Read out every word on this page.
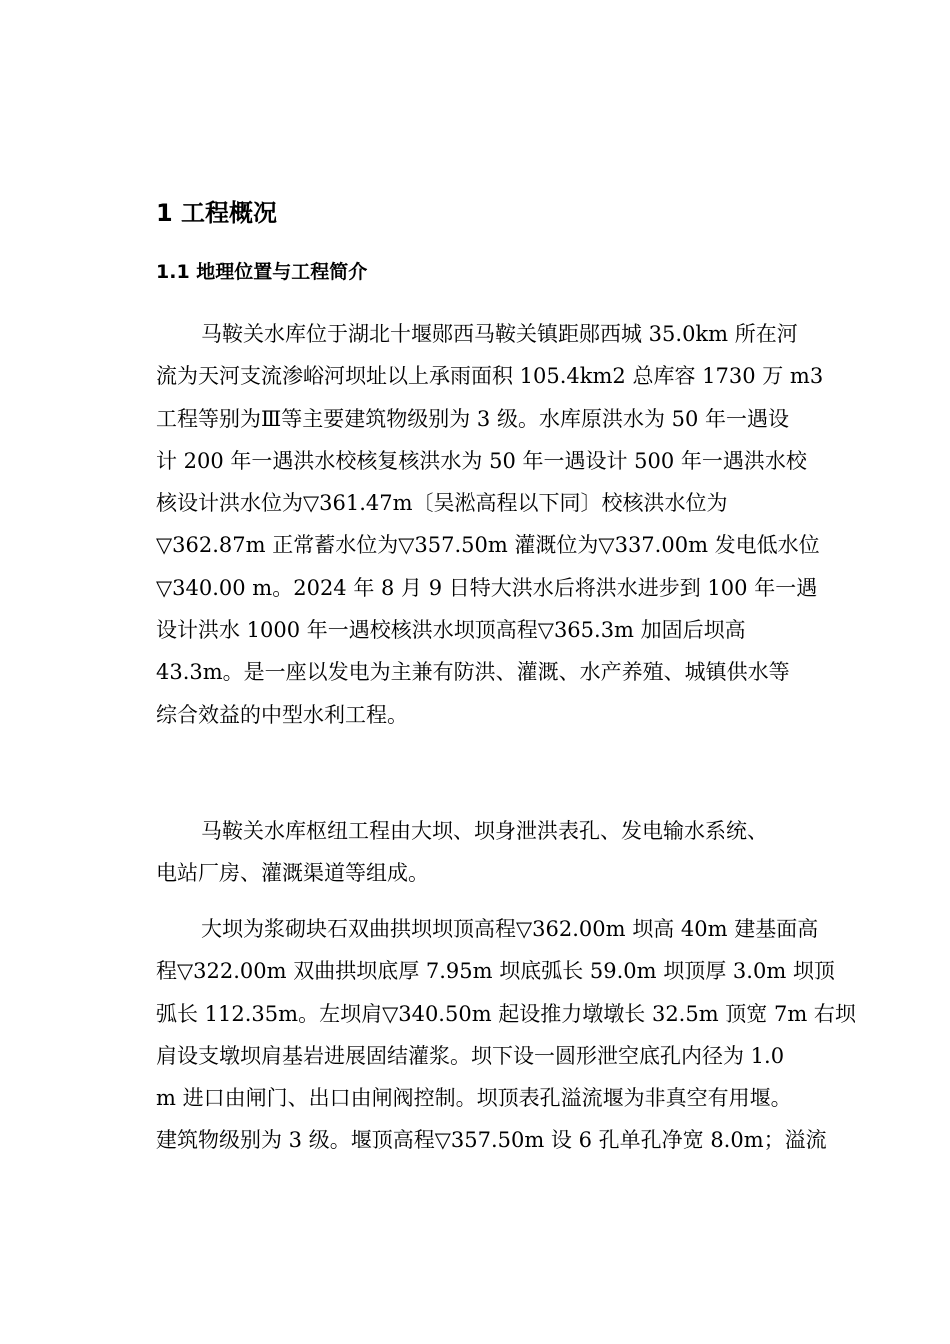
1 工程概况
1.1 地理位置与工程简介
马鞍关水库位于湖北十堰郧西马鞍关镇距郧西城 35.0km 所在河
流为天河支流渗峪河坝址以上承雨面积 105.4km2 总库容 1730 万 m3
工程等别为Ⅲ等主要建筑物级别为 3 级。水库原洪水为 50 年一遇设
计 200 年一遇洪水校核复核洪水为 50 年一遇设计 500 年一遇洪水校
核设计洪水位为▽361.47m〔吴淞高程以下同〕校核洪水位为
▽362.87m 正常蓄水位为▽357.50m 灌溉位为▽337.00m 发电低水位
▽340.00 m。2024 年 8 月 9 日特大洪水后将洪水进步到 100 年一遇
设计洪水 1000 年一遇校核洪水坝顶高程▽365.3m 加固后坝高
43.3m。是一座以发电为主兼有防洪、灌溉、水产养殖、城镇供水等
综合效益的中型水利工程。
马鞍关水库枢纽工程由大坝、坝身泄洪表孔、发电输水系统、
电站厂房、灌溉渠道等组成。
大坝为浆砌块石双曲拱坝坝顶高程▽362.00m 坝高 40m 建基面高
程▽322.00m 双曲拱坝底厚 7.95m 坝底弧长 59.0m 坝顶厚 3.0m 坝顶
弧长 112.35m。左坝肩▽340.50m 起设推力墩墩长 32.5m 顶宽 7m 右坝
肩设支墩坝肩基岩进展固结灌浆。坝下设一圆形泄空底孔内径为 1.0
m 进口由闸门、出口由闸阀控制。坝顶表孔溢流堰为非真空有用堰。
建筑物级别为 3 级。堰顶高程▽357.50m 设 6 孔单孔净宽 8.0m；溢流
